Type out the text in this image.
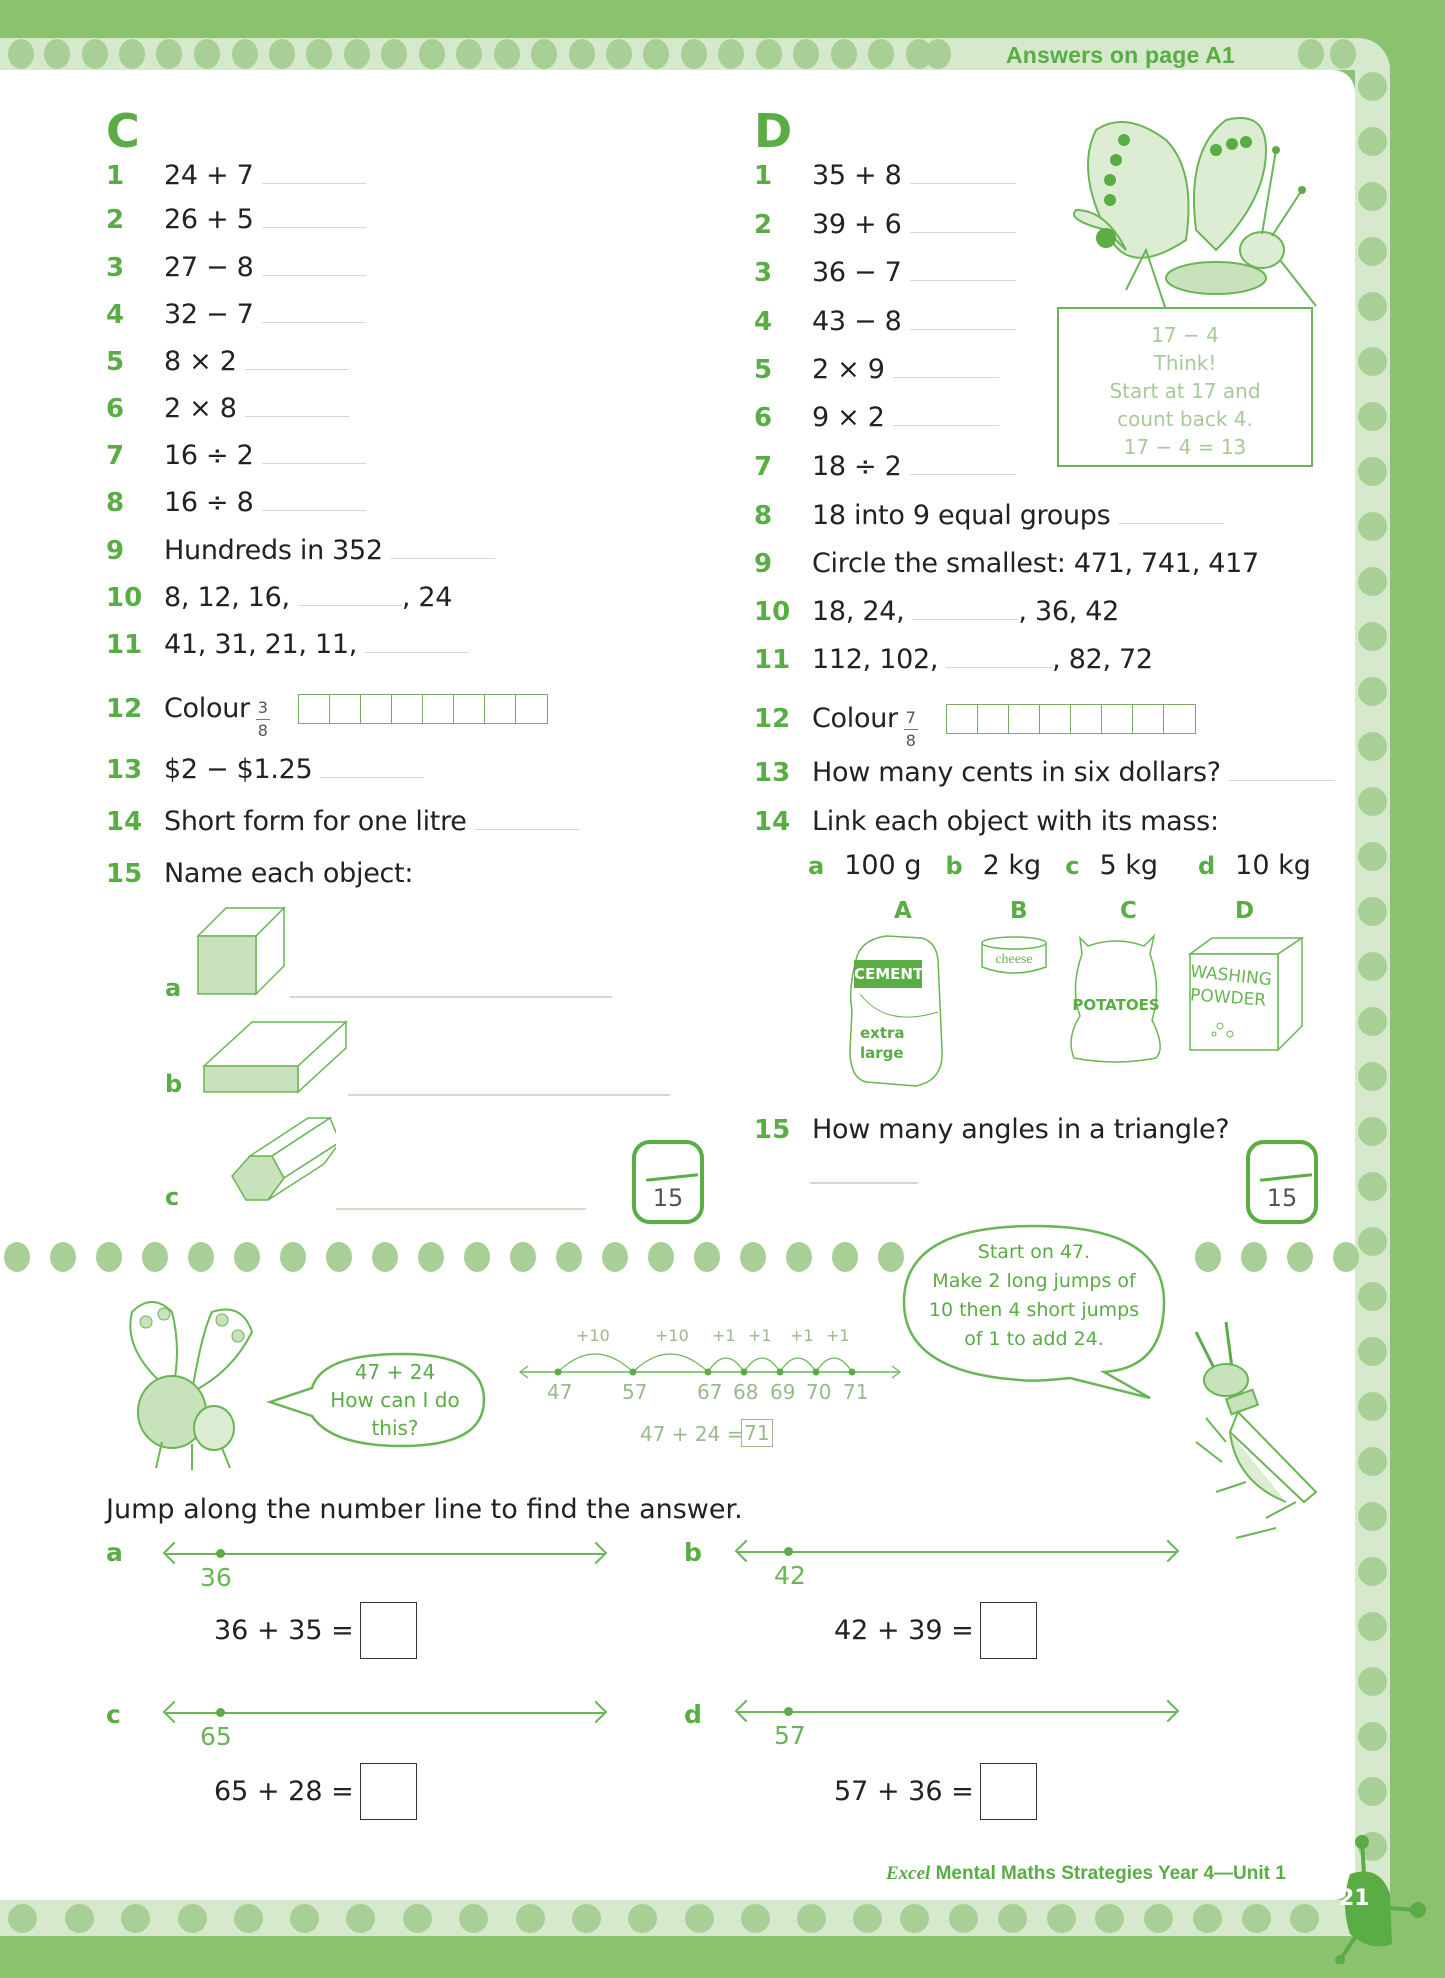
Answers on page A1
C
1	24 + 7
2	26 + 5
3	27 − 8
4	32 − 7
5	8 × 2
6	2 × 8
7	16 ÷ 2
8	16 ÷ 8
9	Hundreds in 352
10 8, 12, 16,	, 24
11 41, 31, 21, 11,
12 Colour $\frac{3}{8}$
13 $2 − $1.25
14 Short form for one litre
15 Name each object:
a
b
c	15
D
1	35 + 8
2	39 + 6
3	36 − 7
4	43 − 8
5	2 × 9
6	9 × 2
7	18 ÷ 2
8	18 into 9 equal groups
9	Circle the smallest: 471, 741, 417
10 18, 24,	, 36, 42
11 112, 102,	, 82, 72
12 Colour $\frac{7}{8}$
13 How many cents in six dollars?
14 Link each object with its mass:
a 100 g b 2 kg c 5 kg d 10 kg
A	B	C	D
CEMENT
extra
large
cheese
POTATOES
WASHING
POWDER
15 How many angles in a triangle?
15
17 − 4
Think!
Start at 17 and
count back 4.
17 − 4 = 13
47 + 24
How can I do
this?
+10	+10 +1 +1 +1 +1
47 57 67 68 69 70 71
47 + 24 = 71
Start on 47.
Make 2 long jumps of
10 then 4 short jumps
of 1 to add 24.
Jump along the number line to find the answer.
a
36
36 + 35 =
b
42
42 + 39 =
c
65
65 + 28 =
d
57
57 + 36 =
Excel Mental Maths Strategies Year 4—Unit 1
21
